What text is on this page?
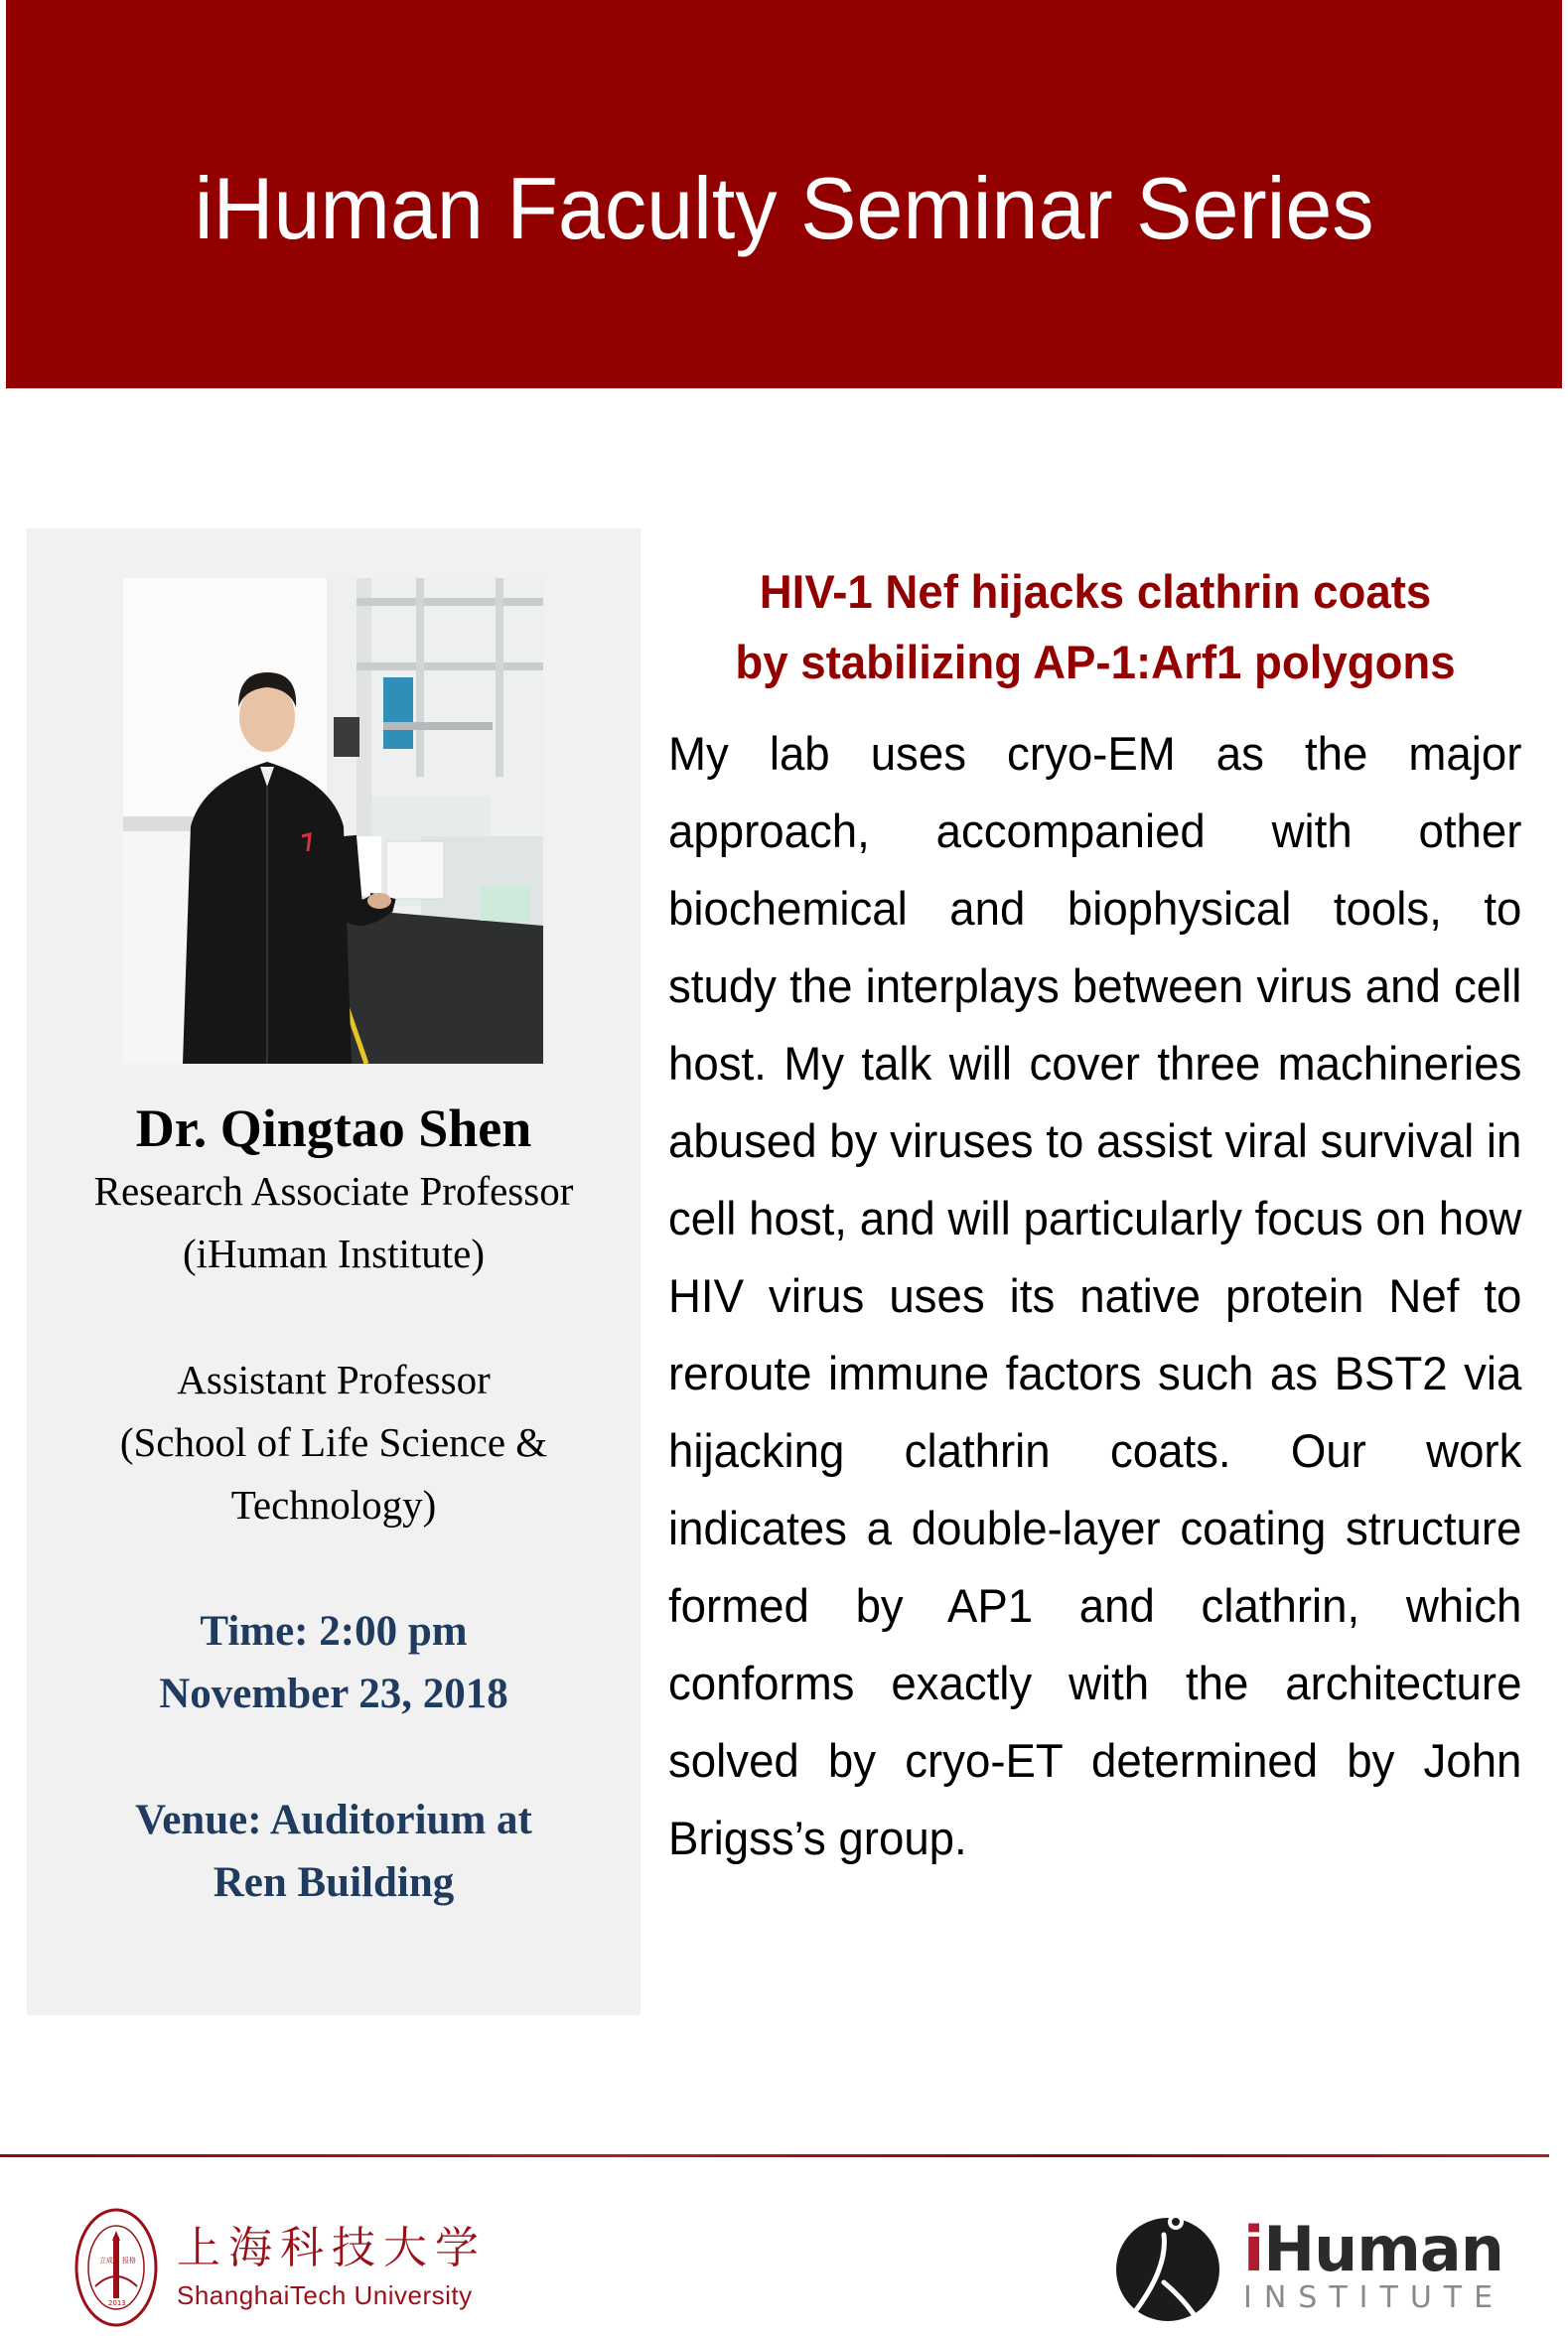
iHuman Faculty Seminar Series
Dr. Qingtao Shen
Research Associate Professor
(iHuman Institute)
Assistant Professor
(School of Life Science &
Technology)
Time: 2:00 pm
November 23, 2018
Venue: Auditorium at
Ren Building
HIV-1 Nef hijacks clathrin coats
by stabilizing AP-1:Arf1 polygons

My lab uses cryo-EM as the major approach, accompanied with other biochemical and biophysical tools, to study the interplays between virus and cell host. My talk will cover three machineries abused by viruses to assist viral survival in cell host, and will particularly focus on how HIV virus uses its native protein Nef to reroute immune factors such as BST2 via hijacking clathrin coats. Our work indicates a double-layer coating structure formed by AP1 and clathrin, which conforms exactly with the architecture solved by cryo-ET determined by John Brigss’s group.

立成 报格
2013
上海科技大学
ShanghaiTech University
iHuman
INSTITUTE
